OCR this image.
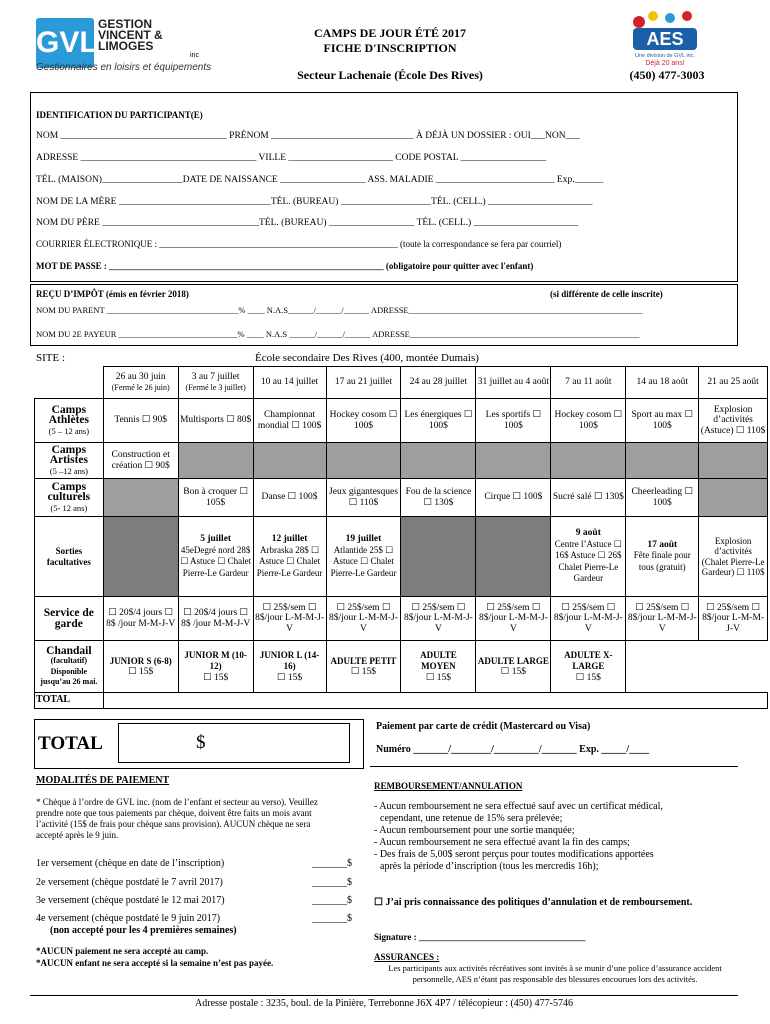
GVL
GESTION
VINCENT &
LIMOGES
inc
Gestionnaires en loisirs et équipements
CAMPS DE JOUR ÉTÉ 2017
FICHE D'INSCRIPTION
Secteur Lachenaie (École Des Rives)	(450) 477-3003
AES
Une division de GVL inc.
Déjà 20 ans!
IDENTIFICATION DU PARTICIPANT(E)
NOM ___________________________________ PRÉNOM ______________________________ À DÉJÀ UN DOSSIER : OUI___NON___
ADRESSE _____________________________________ VILLE ______________________ CODE POSTAL __________________
TÉL. (MAISON)_________________DATE DE NAISSANCE __________________ ASS. MALADIE _________________________ Exp.______
NOM DE LA MÈRE ________________________________TÉL. (BUREAU) ___________________TÉL. (CELL.) ______________________
NOM DU PÈRE _________________________________TÉL. (BUREAU) __________________ TÉL. (CELL.) ______________________
COURRIER ÉLECTRONIQUE : _____________________________________________________ (toute la correspondance se fera par courriel)
MOT DE PASSE : _____________________________________________________________ (obligatoire pour quitter avec l'enfant)
REÇU D’IMPÔT (émis en février 2018)	(si différente de celle inscrite)
NOM DU PARENT _______________________________% ____ N.A.S______/______/______ ADRESSE_______________________________________________________
NOM DU 2E PAYEUR ____________________________% ____ N.A.S ______/______/______ ADRESSE______________________________________________________
SITE :	École secondaire Des Rives (400, montée Dumais)
	26 au 30 juin
(Fermé le 26 juin)	3 au 7 juillet
(Fermé le 3 juillet)	10 au 14 juillet	17 au 21 juillet	24 au 28 juillet	31 juillet au 4 août	7 au 11 août	14 au 18 août	21 au 25 août
Camps Athlètes
(5 – 12 ans)	Tennis ☐ 90$	Multisports ☐ 80$	Championnat mondial ☐ 100$	Hockey cosom ☐ 100$	Les énergiques ☐ 100$	Les sportifs ☐ 100$	Hockey cosom ☐ 100$	Sport au max ☐ 100$	Explosion d’activités (Astuce) ☐ 110$
Camps Artistes
(5 –12 ans)	Construction et création ☐ 90$								
Camps culturels
(5- 12 ans)		Bon à croquer ☐ 105$	Danse ☐ 100$	Jeux gigantesques ☐ 110$	Fou de la science ☐ 130$	Cirque ☐ 100$	Sucré salé ☐ 130$	Cheerleading ☐ 100$	
Sorties facultatives		5 juillet
45eDegré nord 28$ ☐ Astuce ☐ Chalet Pierre-Le Gardeur	12 juillet
Arbraska 28$ ☐ Astuce ☐ Chalet Pierre-Le Gardeur	19 juillet
Atlantide 25$ ☐ Astuce ☐ Chalet Pierre-Le Gardeur			9 août
Centre l’Astuce ☐ 16$ Astuce ☐ 26$ Chalet Pierre-Le Gardeur	17 août
Fête finale pour tous (gratuit)	Explosion d’activités (Chalet Pierre-Le Gardeur) ☐ 110$
Service de garde	☐ 20$/4 jours ☐ 8$ /jour M-M-J-V	☐ 20$/4 jours ☐ 8$ /jour M-M-J-V	☐ 25$/sem ☐ 8$/jour L-M-M-J-V	☐ 25$/sem ☐ 8$/jour L-M-M-J-V	☐ 25$/sem ☐ 8$/jour L-M-M-J-V	☐ 25$/sem ☐ 8$/jour L-M-M-J-V	☐ 25$/sem ☐ 8$/jour L-M-M-J-V	☐ 25$/sem ☐ 8$/jour L-M-M-J-V	☐ 25$/sem ☐ 8$/jour L-M-M-J-V
Chandail
(facultatif) Disponible jusqu’au 26 mai.	JUNIOR S (6-8)
☐ 15$	JUNIOR M (10-12)
☐ 15$	JUNIOR L (14-16)
☐ 15$	ADULTE PETIT
☐ 15$	ADULTE MOYEN
☐ 15$	ADULTE LARGE
☐ 15$	ADULTE X-LARGE
☐ 15$		
TOTAL									
TOTAL	$
Paiement par carte de crédit (Mastercard ou Visa)
Numéro _______/________/_________/_______ Exp. _____/____
MODALITÉS DE PAIEMENT
* Chèque à l’ordre de GVL inc. (nom de l’enfant et secteur au verso). Veuillez prendre note que tous paiements par chèque, doivent être faits un mois avant l’activité (15$ de frais pour chèque sans provision). AUCUN chèque ne sera accepté après le 9 juin.
1er versement (chèque en date de l’inscription)	_______$
2e versement (chèque postdaté le 7 avril 2017)	_______$
3e versement (chèque postdaté le 12 mai 2017)	_______$
4e versement (chèque postdaté le 9 juin 2017)	_______$
(non accepté pour les 4 premières semaines)
*AUCUN paiement ne sera accepté au camp.
*AUCUN enfant ne sera accepté si la semaine n’est pas payée.
REMBOURSEMENT/ANNULATION
- Aucun remboursement ne sera effectué sauf avec un certificat médical,
cependant, une retenue de 15% sera prélevée;
- Aucun remboursement pour une sortie manquée;
- Aucun remboursement ne sera effectué avant la fin des camps;
- Des frais de 5,00$ seront perçus pour toutes modifications apportées
après la période d’inscription (tous les mercredis 16h);
☐ J’ai pris connaissance des politiques d’annulation et de remboursement.
Signature : _____________________________________
ASSURANCES :
Les participants aux activités récréatives sont invités à se munir d’une police d’assurance accident personnelle, AES n’étant pas responsable des blessures encourues lors des activités.
Adresse postale : 3235, boul. de la Pinière, Terrebonne J6X 4P7 / télécopieur : (450) 477-5746
